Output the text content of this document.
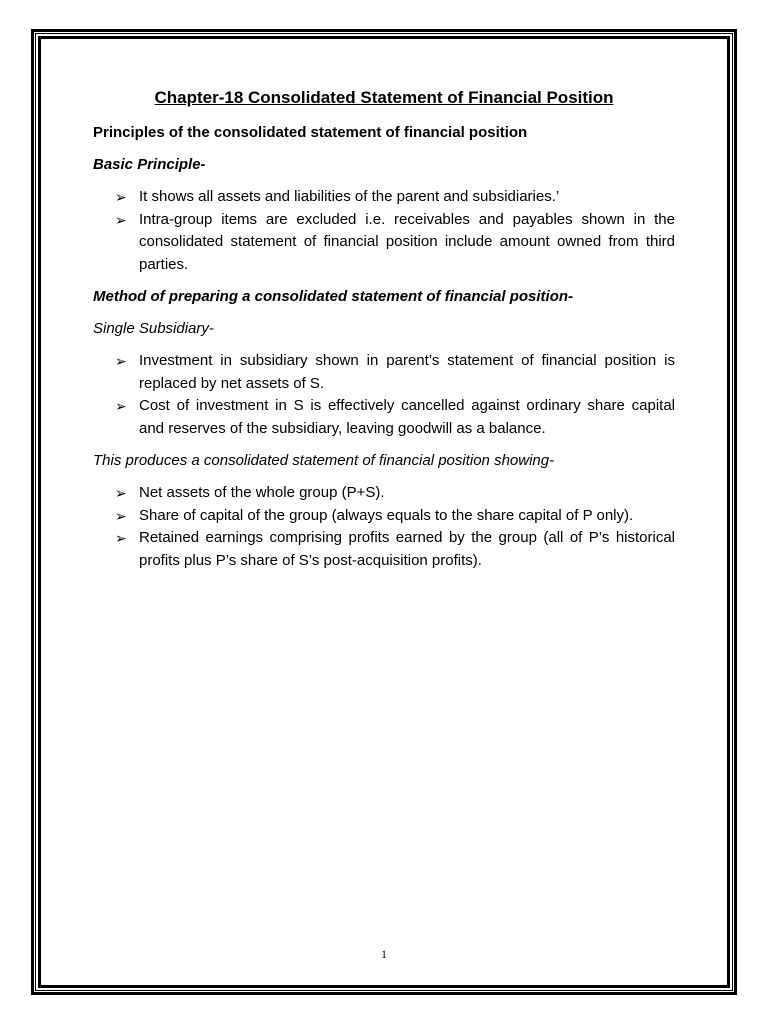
Chapter-18 Consolidated Statement of Financial Position
Principles of the consolidated statement of financial position
Basic Principle-
➢ It shows all assets and liabilities of the parent and subsidiaries.’
➢ Intra-group items are excluded i.e. receivables and payables shown in the consolidated statement of financial position include amount owned from third parties.
Method of preparing a consolidated statement of financial position-
Single Subsidiary-
➢ Investment in subsidiary shown in parent’s statement of financial position is replaced by net assets of S.
➢ Cost of investment in S is effectively cancelled against ordinary share capital and reserves of the subsidiary, leaving goodwill as a balance.
This produces a consolidated statement of financial position showing-
➢ Net assets of the whole group (P+S).
➢ Share of capital of the group (always equals to the share capital of P only).
➢ Retained earnings comprising profits earned by the group (all of P’s historical profits plus P’s share of S’s post-acquisition profits).
1
